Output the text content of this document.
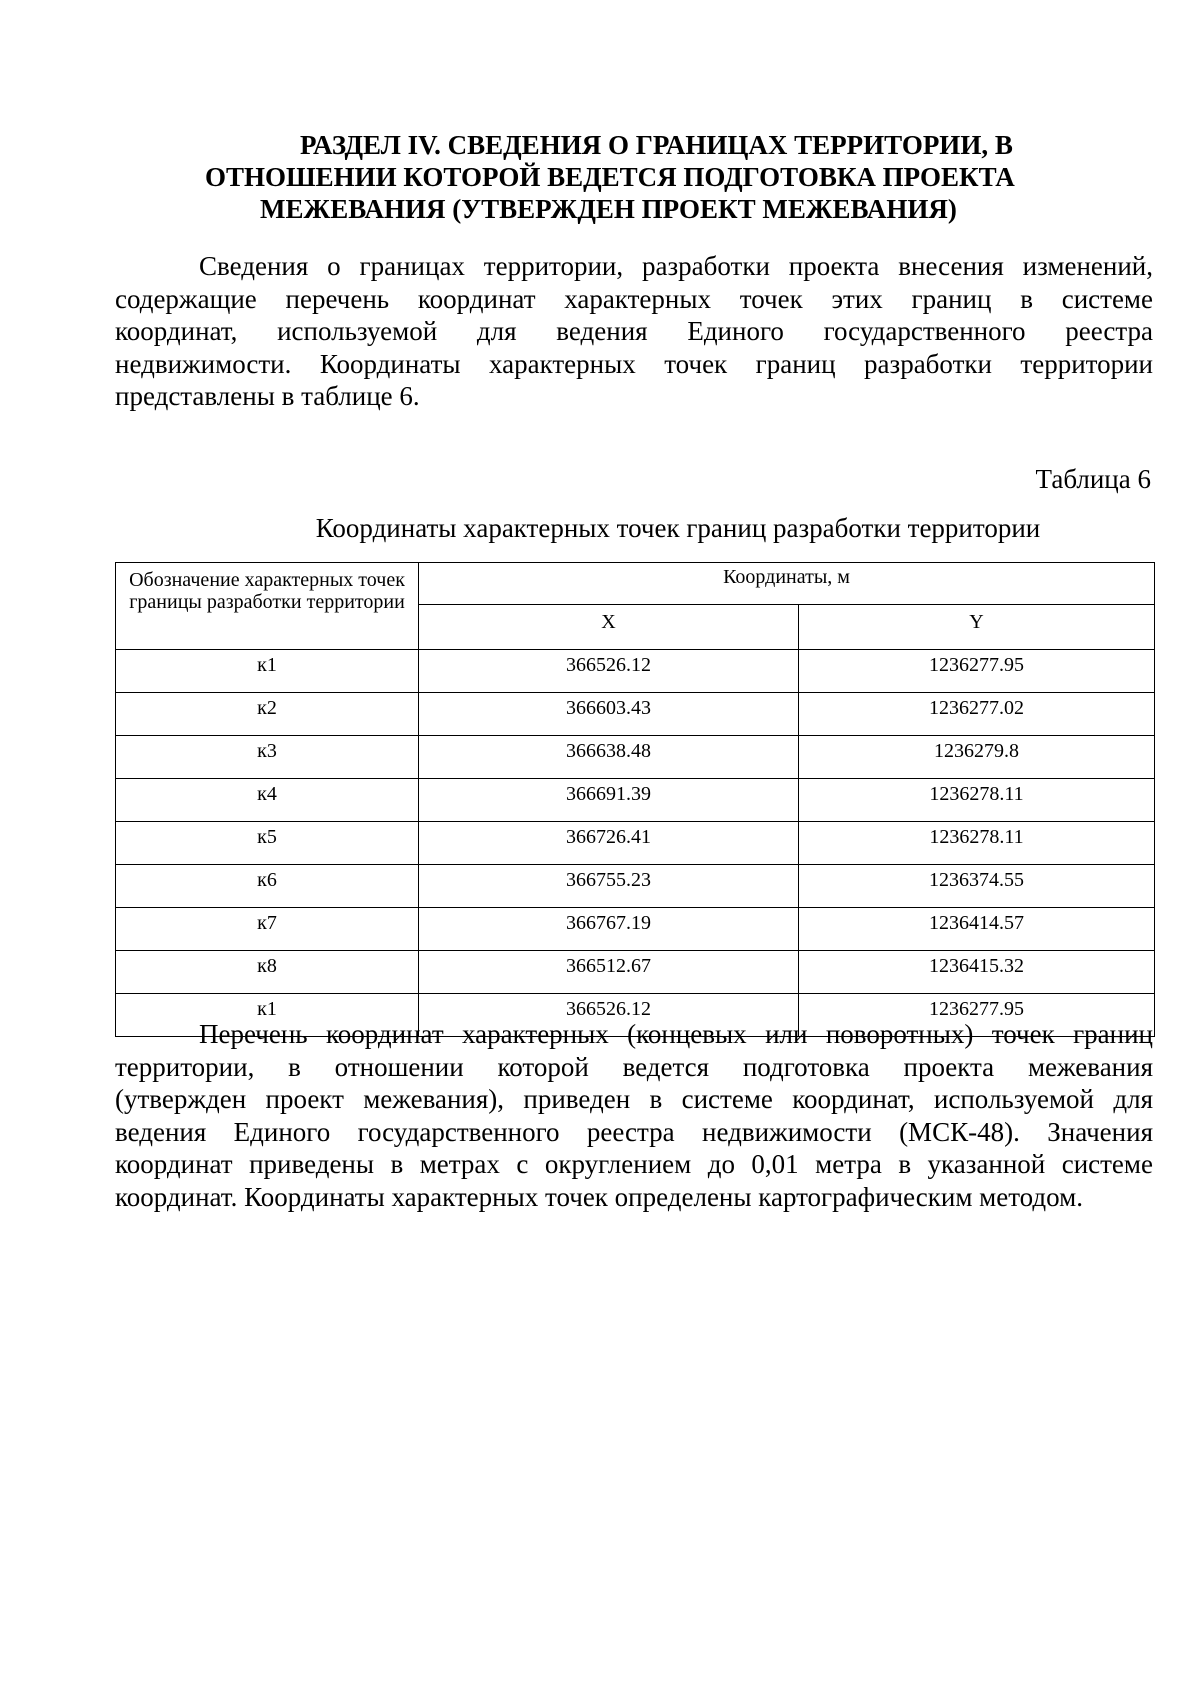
РАЗДЕЛ IV. СВЕДЕНИЯ О ГРАНИЦАХ ТЕРРИТОРИИ, В
ОТНОШЕНИИ КОТОРОЙ ВЕДЕТСЯ ПОДГОТОВКА ПРОЕКТА
МЕЖЕВАНИЯ (УТВЕРЖДЕН ПРОЕКТ МЕЖЕВАНИЯ)

Сведения о границах территории, разработки проекта внесения изменений,
содержащие перечень координат характерных точек этих границ в системе
координат, используемой для ведения Единого государственного реестра
недвижимости. Координаты характерных точек границ разработки территории
представлены в таблице 6.

Таблица 6

Координаты характерных точек границ разработки территории

Обозначение характерных точек границы разработки территории	Координаты, м	
	X	Y
к1	366526.12	1236277.95
к2	366603.43	1236277.02
к3	366638.48	1236279.8
к4	366691.39	1236278.11
к5	366726.41	1236278.11
к6	366755.23	1236374.55
к7	366767.19	1236414.57
к8	366512.67	1236415.32
к1	366526.12	1236277.95

Перечень координат характерных (концевых или поворотных) точек границ
территории, в отношении которой ведется подготовка проекта межевания
(утвержден проект межевания), приведен в системе координат, используемой для
ведения Единого государственного реестра недвижимости (МСК-48). Значения
координат приведены в метрах с округлением до 0,01 метра в указанной системе
координат. Координаты характерных точек определены картографическим методом.
